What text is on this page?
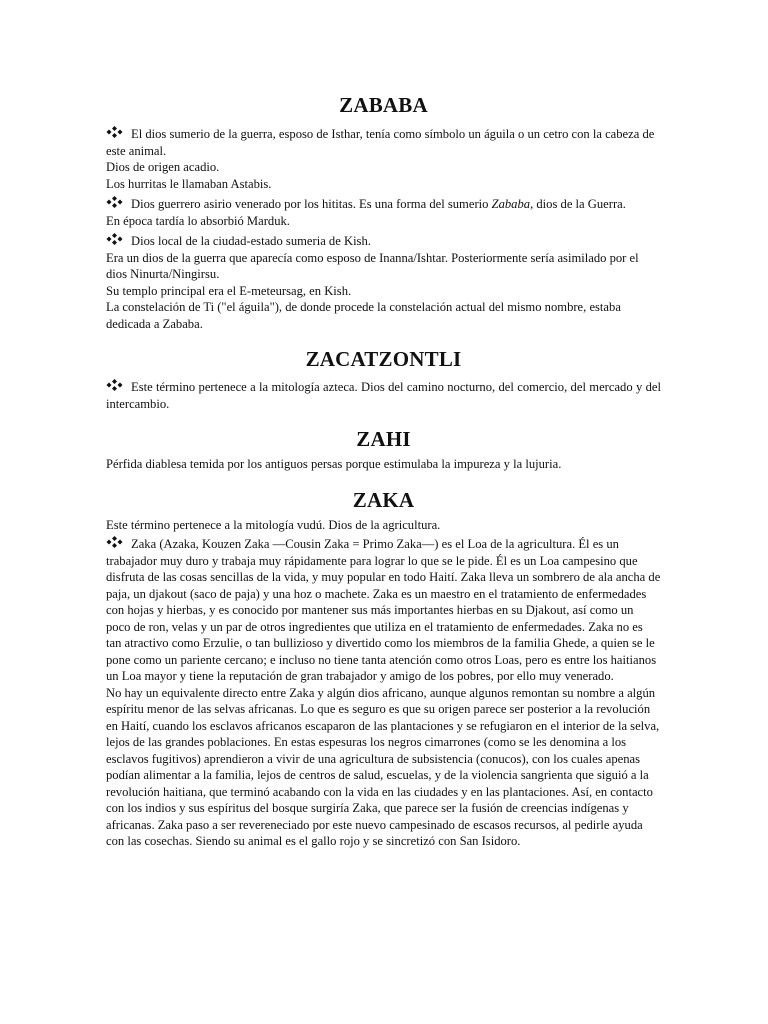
ZABABA

El dios sumerio de la guerra, esposo de Isthar, tenía como símbolo un águila o un cetro con la cabeza de este animal.

Dios de origen acadio.

Los hurritas le llamaban Astabis.

Dios guerrero asirio venerado por los hititas. Es una forma del sumerio Zababa, dios de la Guerra.

En época tardía lo absorbió Marduk.

Dios local de la ciudad-estado sumeria de Kish.

Era un dios de la guerra que aparecía como esposo de Inanna/Ishtar. Posteriormente sería asimilado por el dios Ninurta/Ningirsu.

Su templo principal era el E-meteursag, en Kish.

La constelación de Ti ("el águila"), de donde procede la constelación actual del mismo nombre, estaba dedicada a Zababa.

ZACATZONTLI

Este término pertenece a la mitología azteca. Dios del camino nocturno, del comercio, del mercado y del intercambio.

ZAHI

Pérfida diablesa temida por los antiguos persas porque estimulaba la impureza y la lujuria.

ZAKA

Este término pertenece a la mitología vudú. Dios de la agricultura.

Zaka (Azaka, Kouzen Zaka —Cousin Zaka = Primo Zaka—) es el Loa de la agricultura. Él es un trabajador muy duro y trabaja muy rápidamente para lograr lo que se le pide. Él es un Loa campesino que disfruta de las cosas sencillas de la vida, y muy popular en todo Haití. Zaka lleva un sombrero de ala ancha de paja, un djakout (saco de paja) y una hoz o machete. Zaka es un maestro en el tratamiento de enfermedades con hojas y hierbas, y es conocido por mantener sus más importantes hierbas en su Djakout, así como un poco de ron, velas y un par de otros ingredientes que utiliza en el tratamiento de enfermedades. Zaka no es tan atractivo como Erzulie, o tan bullizioso y divertido como los miembros de la familia Ghede, a quien se le pone como un pariente cercano; e incluso no tiene tanta atención como otros Loas, pero es entre los haitianos un Loa mayor y tiene la reputación de gran trabajador y amigo de los pobres, por ello muy venerado.

No hay un equivalente directo entre Zaka y algún dios africano, aunque algunos remontan su nombre a algún espíritu menor de las selvas africanas. Lo que es seguro es que su origen parece ser posterior a la revolución en Haití, cuando los esclavos africanos escaparon de las plantaciones y se refugiaron en el interior de la selva, lejos de las grandes poblaciones. En estas espesuras los negros cimarrones (como se les denomina a los esclavos fugitivos) aprendieron a vivir de una agricultura de subsistencia (conucos), con los cuales apenas podían alimentar a la familia, lejos de centros de salud, escuelas, y de la violencia sangrienta que siguió a la revolución haitiana, que terminó acabando con la vida en las ciudades y en las plantaciones. Así, en contacto con los indios y sus espíritus del bosque surgiría Zaka, que parece ser la fusión de creencias indígenas y africanas. Zaka paso a ser revereneciado por este nuevo campesinado de escasos recursos, al pedirle ayuda con las cosechas. Siendo su animal es el gallo rojo y se sincretizó con San Isidoro.
